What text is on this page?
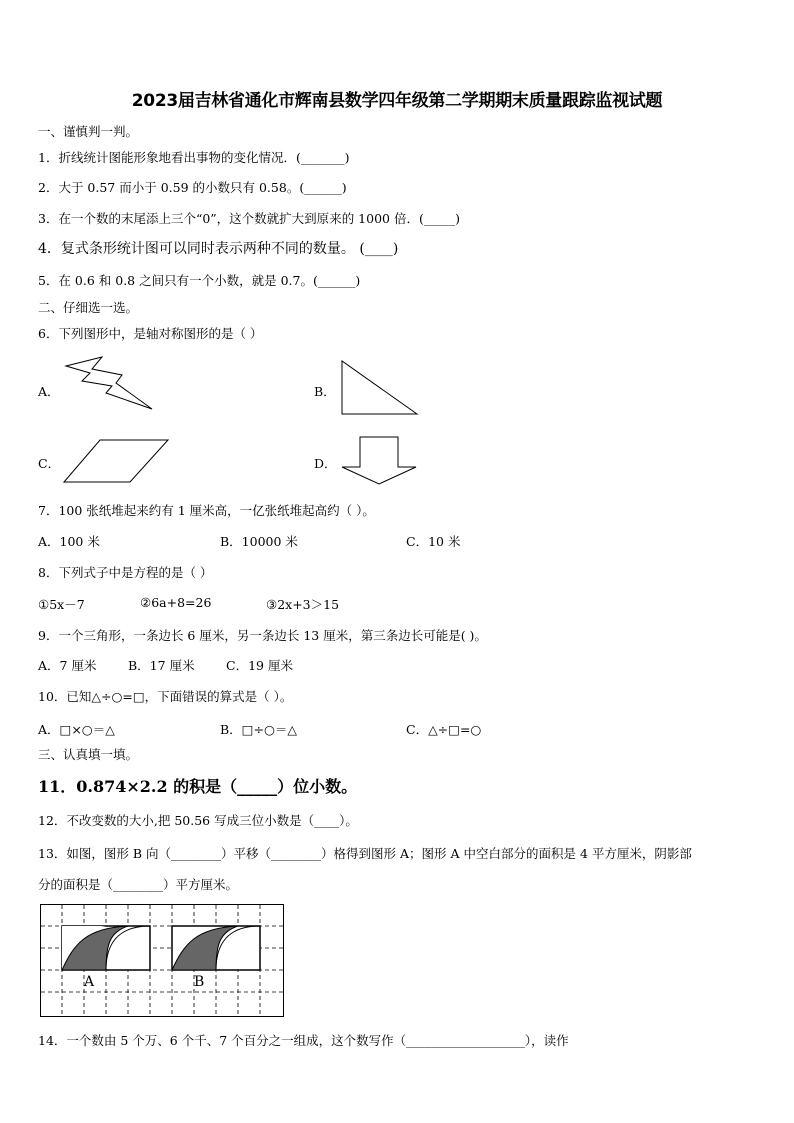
2023届吉林省通化市辉南县数学四年级第二学期期末质量跟踪监视试题
一、谨慎判一判。
1．折线统计图能形象地看出事物的变化情况．(_______)
2．大于 0.57 而小于 0.59 的小数只有 0.58。(______)
3．在一个数的末尾添上三个“0”，这个数就扩大到原来的 1000 倍．(_____)
4．复式条形统计图可以同时表示两种不同的数量。 (____)
5．在 0.6 和 0.8 之间只有一个小数，就是 0.7。(______)
二、仔细选一选。
6．下列图形中，是轴对称图形的是（ ）
A．	B．
C．	D．
7．100 张纸堆起来约有 1 厘米高，一亿张纸堆起高约（ ）。
A．100 米	B．10000 米	C．10 米
8．下列式子中是方程的是（ ）
①5x－7	②6a+8=26	③2x+3＞15
9．一个三角形，一条边长 6 厘米，另一条边长 13 厘米，第三条边长可能是( )。
A．7 厘米	B．17 厘米	C．19 厘米
10．已知△÷○=□，下面错误的算式是（ ）。
A．□×○＝△	B．□÷○＝△	C．△÷□=○
三、认真填一填。
11．0.874×2.2 的积是（_____）位小数。
12．不改变数的大小,把 50.56 写成三位小数是（____）。
13．如图，图形 B 向（________）平移（________）格得到图形 A；图形 A 中空白部分的面积是 4 平方厘米，阴影部
分的面积是（________）平方厘米。
A	B
14．一个数由 5 个万、6 个千、7 个百分之一组成，这个数写作（___________________），读作
